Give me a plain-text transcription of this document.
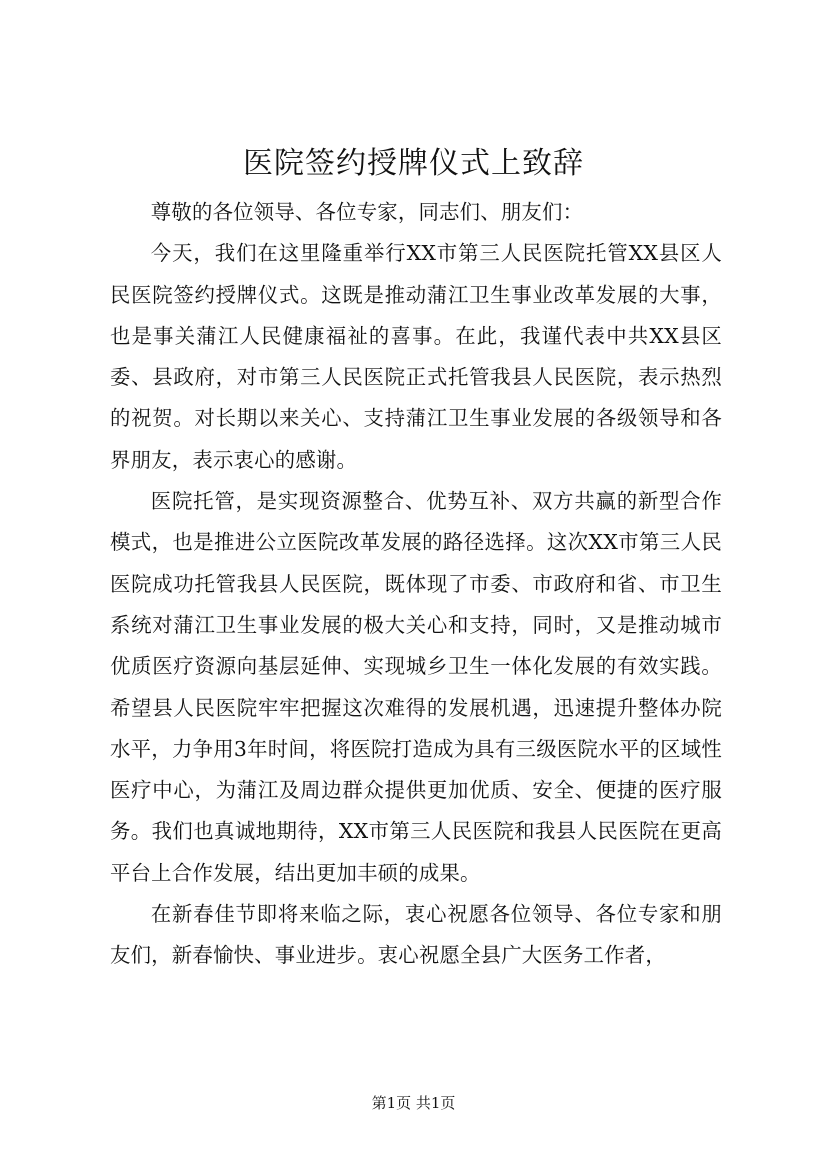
医院签约授牌仪式上致辞

尊敬的各位领导、各位专家，同志们、朋友们：

今天，我们在这里隆重举行XX市第三人民医院托管XX县区人民医院签约授牌仪式。这既是推动蒲江卫生事业改革发展的大事，也是事关蒲江人民健康福祉的喜事。在此，我谨代表中共XX县区委、县政府，对市第三人民医院正式托管我县人民医院，表示热烈的祝贺。对长期以来关心、支持蒲江卫生事业发展的各级领导和各界朋友，表示衷心的感谢。

医院托管，是实现资源整合、优势互补、双方共赢的新型合作模式，也是推进公立医院改革发展的路径选择。这次XX市第三人民医院成功托管我县人民医院，既体现了市委、市政府和省、市卫生系统对蒲江卫生事业发展的极大关心和支持，同时，又是推动城市优质医疗资源向基层延伸、实现城乡卫生一体化发展的有效实践。希望县人民医院牢牢把握这次难得的发展机遇，迅速提升整体办院水平，力争用3年时间，将医院打造成为具有三级医院水平的区域性医疗中心，为蒲江及周边群众提供更加优质、安全、便捷的医疗服务。我们也真诚地期待，XX市第三人民医院和我县人民医院在更高平台上合作发展，结出更加丰硕的成果。

在新春佳节即将来临之际，衷心祝愿各位领导、各位专家和朋友们，新春愉快、事业进步。衷心祝愿全县广大医务工作者，

第1页 共1页
